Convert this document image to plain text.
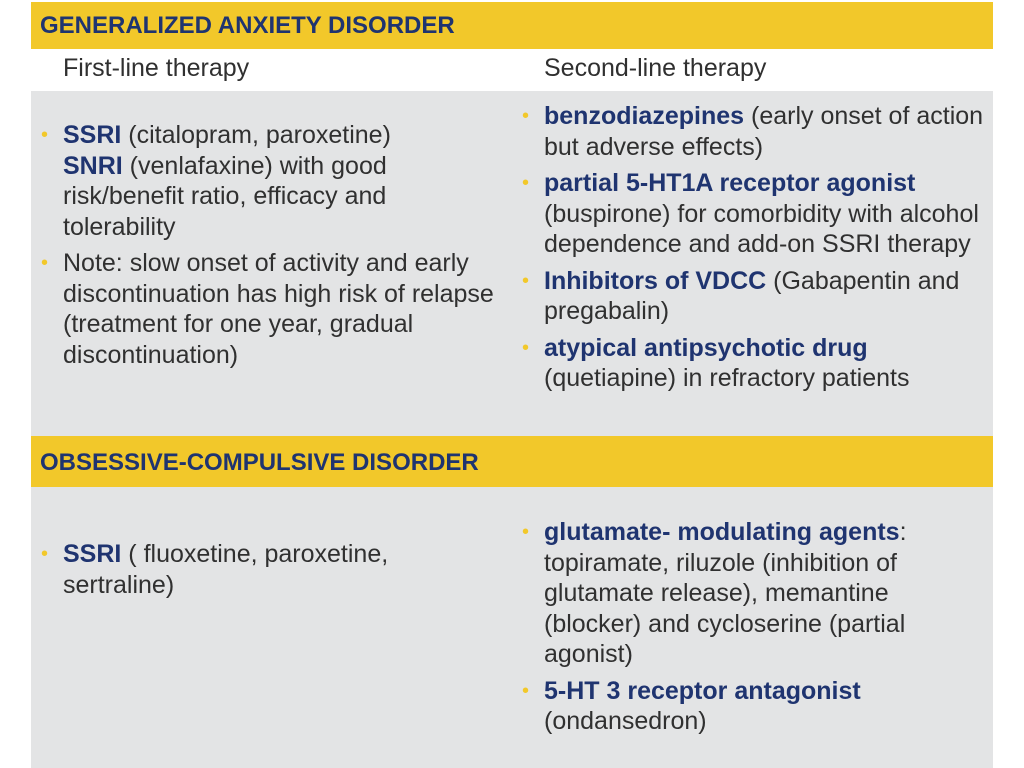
GENERALIZED ANXIETY DISORDER
First-line therapy	Second-line therapy
• SSRI (citalopram, paroxetine)
SNRI (venlafaxine) with good risk/benefit ratio, efficacy and tolerability
• Note: slow onset of activity and early discontinuation has high risk of relapse (treatment for one year, gradual discontinuation)
• benzodiazepines (early onset of action but adverse effects)
• partial 5-HT1A receptor agonist (buspirone) for comorbidity with alcohol dependence and add-on SSRI therapy
• Inhibitors of VDCC (Gabapentin and pregabalin)
• atypical antipsychotic drug (quetiapine) in refractory patients
OBSESSIVE-COMPULSIVE DISORDER
• SSRI ( fluoxetine, paroxetine, sertraline)
• glutamate- modulating agents: topiramate, riluzole (inhibition of glutamate release), memantine (blocker) and cycloserine (partial agonist)
• 5-HT 3 receptor antagonist (ondansedron)
